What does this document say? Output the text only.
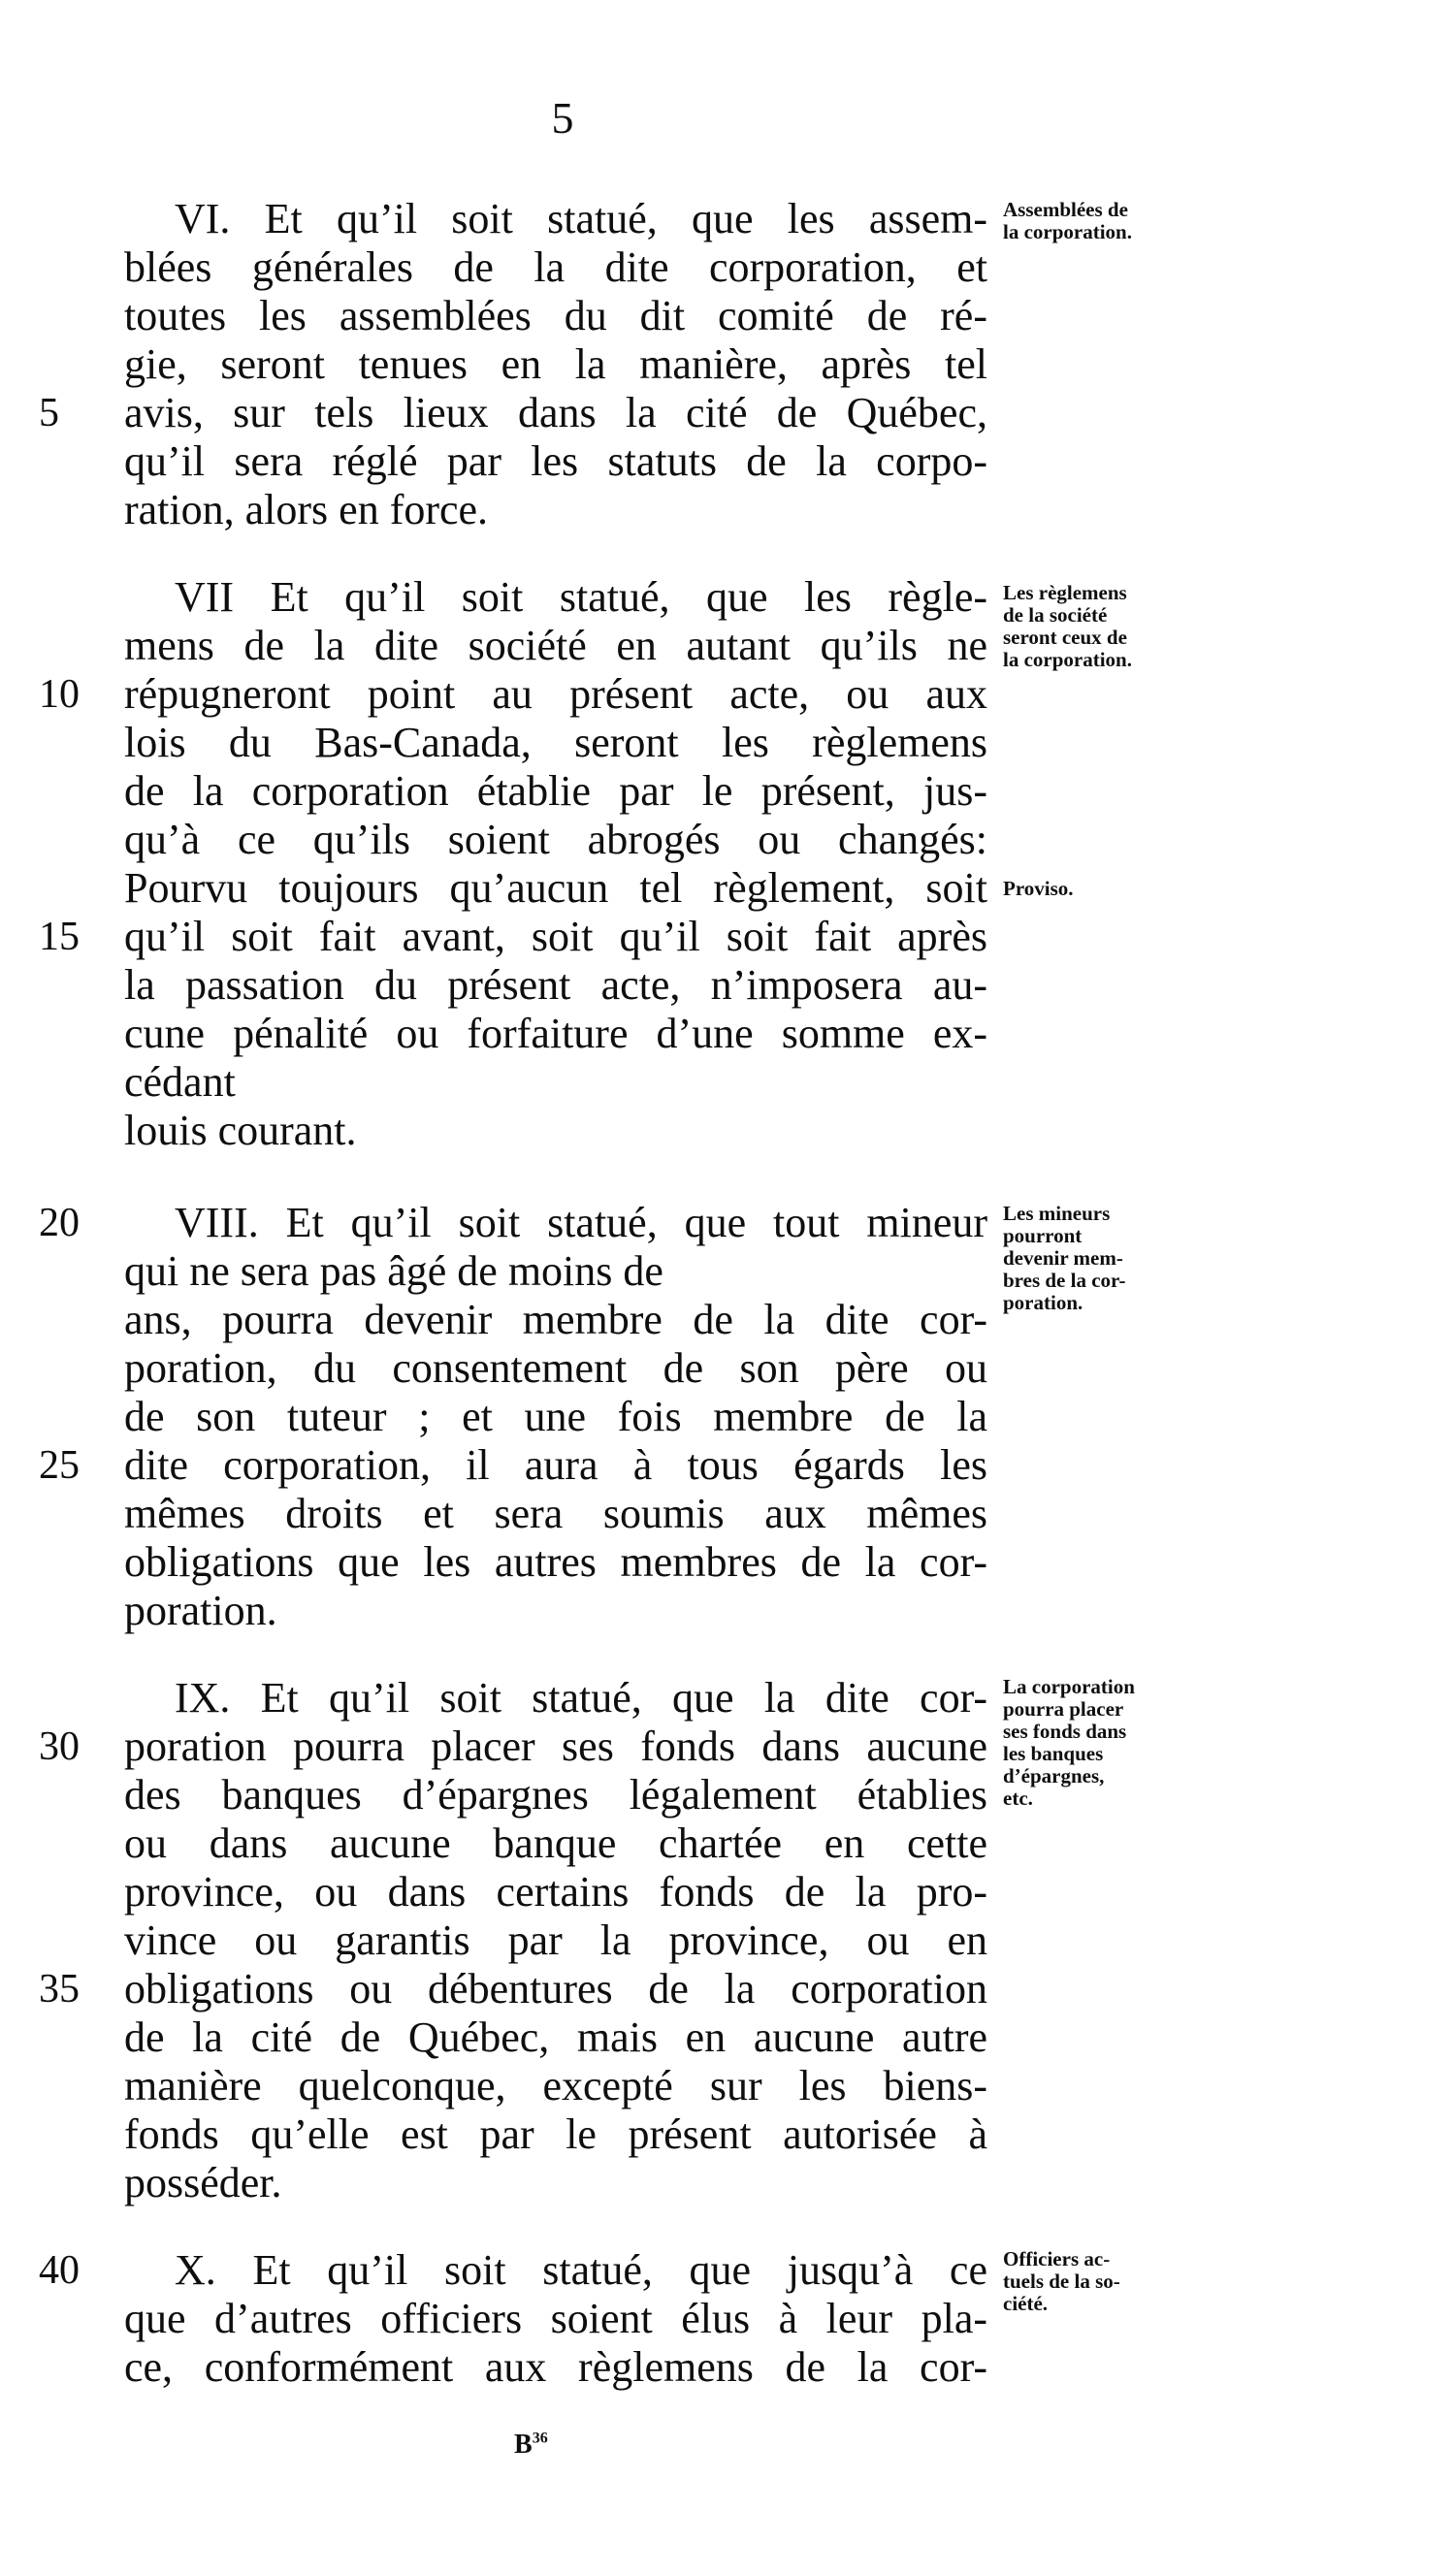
5
VI. Et qu’il soit statué, que les assem-
blées générales de la dite corporation, et
toutes les assemblées du dit comité de ré-
gie, seront tenues en la manière, après tel
avis, sur tels lieux dans la cité de Québec,
qu’il sera réglé par les statuts de la corpo-
ration, alors en force.
VII Et qu’il soit statué, que les règle-
mens de la dite société en autant qu’ils ne
répugneront point au présent acte, ou aux
lois du Bas-Canada, seront les règlemens
de la corporation établie par le présent, jus-
qu’à ce qu’ils soient abrogés ou changés:
Pourvu toujours qu’aucun tel règlement, soit
qu’il soit fait avant, soit qu’il soit fait après
la passation du présent acte, n’imposera au-
cune pénalité ou forfaiture d’une somme ex-
cédant
louis courant.
VIII. Et qu’il soit statué, que tout mineur
qui ne sera pas âgé de moins de
ans, pourra devenir membre de la dite cor-
poration, du consentement de son père ou
de son tuteur ; et une fois membre de la
dite corporation, il aura à tous égards les
mêmes droits et sera soumis aux mêmes
obligations que les autres membres de la cor-
poration.
IX. Et qu’il soit statué, que la dite cor-
poration pourra placer ses fonds dans aucune
des banques d’épargnes légalement établies
ou dans aucune banque chartée en cette
province, ou dans certains fonds de la pro-
vince ou garantis par la province, ou en
obligations ou débentures de la corporation
de la cité de Québec, mais en aucune autre
manière quelconque, excepté sur les biens-
fonds qu’elle est par le présent autorisée à
posséder.
X. Et qu’il soit statué, que jusqu’à ce
que d’autres officiers soient élus à leur pla-
ce, conformément aux règlemens de la cor-
5
10
15
20
25
30
35
40
Assemblées de
la corporation.
Les règlemens
de la société
seront ceux de
la corporation.
Proviso.
Les mineurs
pourront
devenir mem-
bres de la cor-
poration.
La corporation
pourra placer
ses fonds dans
les banques
d’épargnes,
etc.
Officiers ac-
tuels de la so-
ciété.
$B^{36}$
